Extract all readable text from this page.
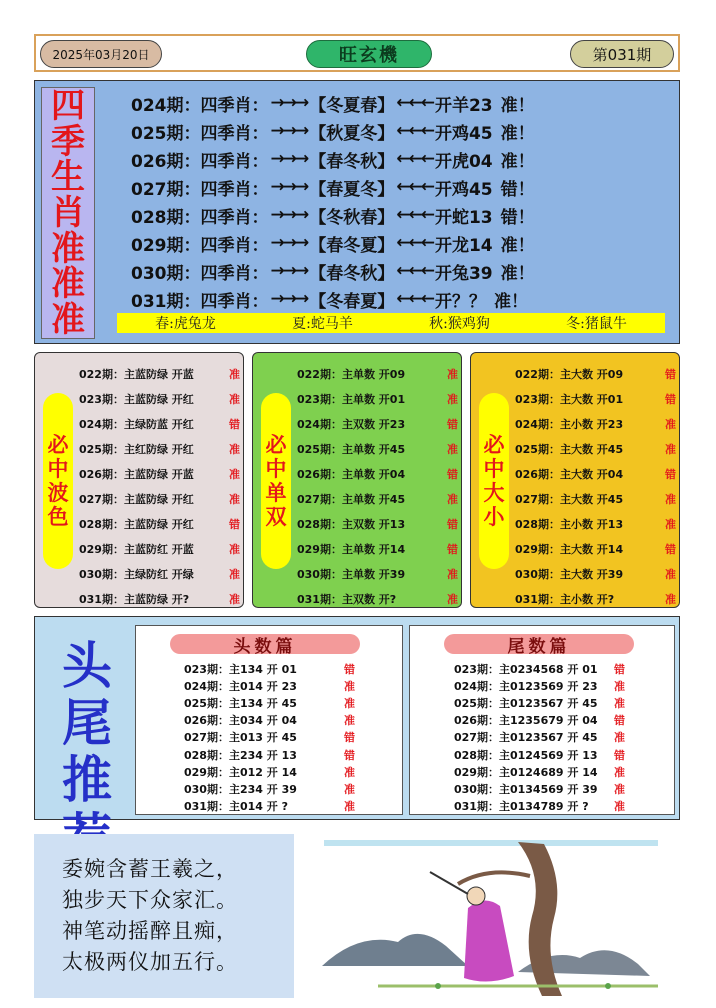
2025年03月20日	旺玄機	第031期
四
季
生
肖
准
准
准
024期：四季肖： →→→ 【冬夏春】 ←←← 开羊23 准！
025期：四季肖： →→→ 【秋夏冬】 ←←← 开鸡45 准！
026期：四季肖： →→→ 【春冬秋】 ←←← 开虎04 准！
027期：四季肖： →→→ 【春夏冬】 ←←← 开鸡45 错！
028期：四季肖： →→→ 【冬秋春】 ←←← 开蛇13 错！
029期：四季肖： →→→ 【春冬夏】 ←←← 开龙14 准！
030期：四季肖： →→→ 【春冬秋】 ←←← 开兔39 准！
031期：四季肖： →→→ 【冬春夏】 ←←← 开？？ 准！
春:虎兔龙	夏:蛇马羊	秋:猴鸡狗	冬:猪鼠牛
必
中
波
色
022期：主蓝防绿 开蓝	准
023期：主蓝防绿 开红	准
024期：主绿防蓝 开红	错
025期：主红防绿 开红	准
026期：主蓝防绿 开蓝	准
027期：主蓝防绿 开红	准
028期：主蓝防绿 开红	错
029期：主蓝防红 开蓝	准
030期：主绿防红 开绿	准
031期：主蓝防绿 开?	准
必
中
单
双
022期：主单数 开09	准
023期：主单数 开01	准
024期：主双数 开23	错
025期：主单数 开45	准
026期：主单数 开04	错
027期：主单数 开45	准
028期：主双数 开13	错
029期：主单数 开14	错
030期：主单数 开39	准
031期：主双数 开?	准
必
中
大
小
022期：主大数 开09	错
023期：主大数 开01	错
024期：主小数 开23	准
025期：主大数 开45	准
026期：主大数 开04	错
027期：主大数 开45	准
028期：主小数 开13	准
029期：主大数 开14	错
030期：主大数 开39	准
031期：主小数 开?	准
头
尾
推
头数篇
023期：主134 开 01	错
024期：主014 开 23	准
025期：主134 开 45	准
026期：主034 开 04	准
027期：主013 开 45	错
028期：主234 开 13	错
029期：主012 开 14	准
030期：主234 开 39	准
031期：主014 开 ?	准
尾数篇
023期：主0234568 开 01	错
024期：主0123569 开 23	准
025期：主0123567 开 45	准
026期：主1235679 开 04	错
027期：主0123567 开 45	准
028期：主0124569 开 13	错
029期：主0124689 开 14	准
030期：主0134569 开 39	准
031期：主0134789 开 ?	准
委婉含蓄王羲之，
独步天下众家汇。
神笔动摇醉且痴，
太极两仪加五行。
